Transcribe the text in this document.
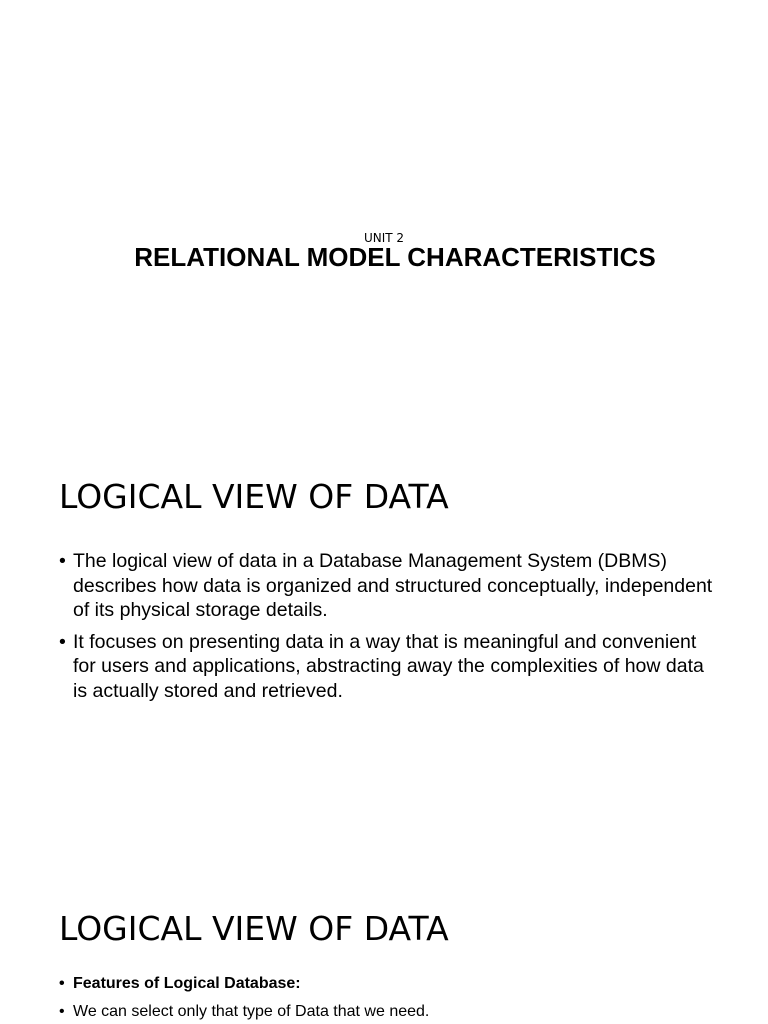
UNIT 2
RELATIONAL MODEL CHARACTERISTICS
LOGICAL VIEW OF DATA
• The logical view of data in a Database Management System (DBMS) describes how data is organized and structured conceptually, independent of its physical storage details.
• It focuses on presenting data in a way that is meaningful and convenient for users and applications, abstracting away the complexities of how data is actually stored and retrieved.
LOGICAL VIEW OF DATA
• Features of Logical Database:
• We can select only that type of Data that we need.
